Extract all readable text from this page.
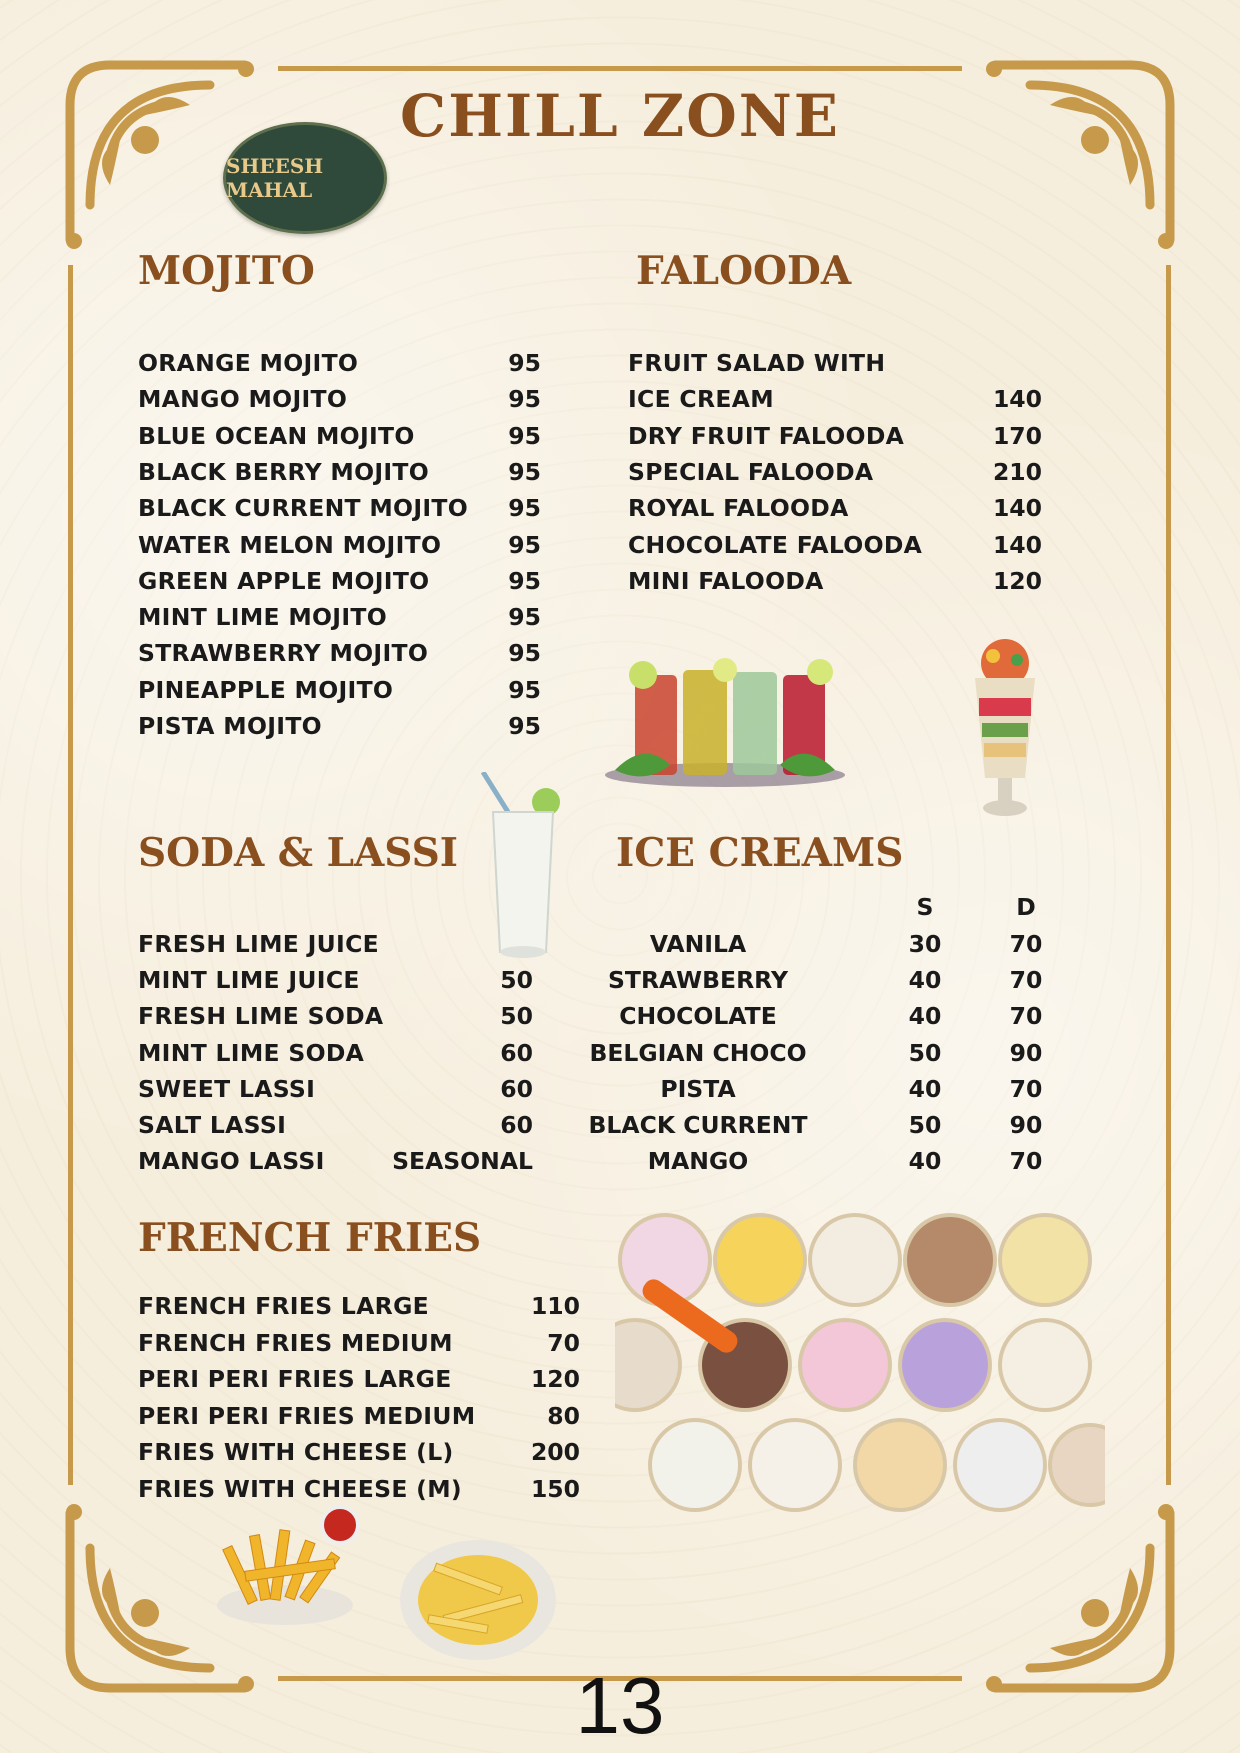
CHILL ZONE
SHEESH MAHAL
MOJITO
ORANGE MOJITO	95
MANGO MOJITO	95
BLUE OCEAN MOJITO	95
BLACK BERRY MOJITO	95
BLACK CURRENT MOJITO 95
WATER MELON MOJITO	95
GREEN APPLE MOJITO	95
MINT LIME MOJITO	95
STRAWBERRY MOJITO	95
PINEAPPLE MOJITO	95
PISTA MOJITO	95
FALOODA
FRUIT SALAD WITH
ICE CREAM	140
DRY FRUIT FALOODA	170
SPECIAL FALOODA	210
ROYAL FALOODA	140
CHOCOLATE FALOODA	140
MINI FALOODA	120
SODA & LASSI
FRESH LIME JUICE
MINT LIME JUICE	50
FRESH LIME SODA	50
MINT LIME SODA	60
SWEET LASSI	60
SALT LASSI	60
MANGO LASSI	SEASONAL
ICE CREAMS
S	D
VANILA	30	70
STRAWBERRY	40	70
CHOCOLATE	40	70
BELGIAN CHOCO	50	90
PISTA	40	70
BLACK CURRENT	50	90
MANGO	40	70
FRENCH FRIES
FRENCH FRIES LARGE	110
FRENCH FRIES MEDIUM	70
PERI PERI FRIES LARGE	120
PERI PERI FRIES MEDIUM	80
FRIES WITH CHEESE (L)	200
FRIES WITH CHEESE (M)	150
13
